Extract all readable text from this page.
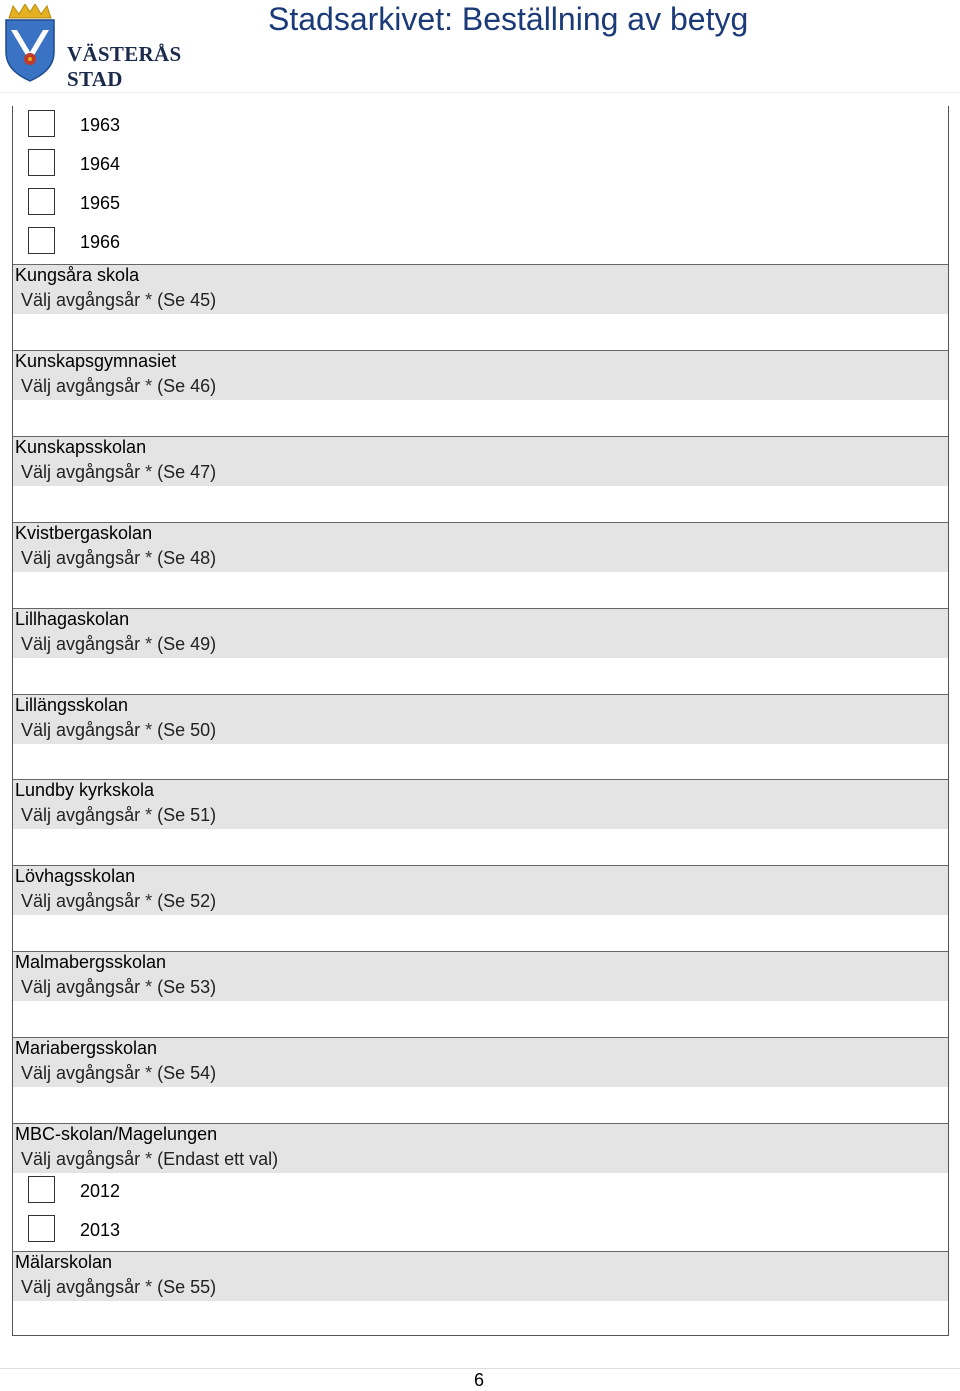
VÄSTERÅS STAD
Stadsarkivet: Beställning av betyg
1963
1964
1965
1966
Kungsåra skola
Välj avgångsår * (Se 45)
Kunskapsgymnasiet
Välj avgångsår * (Se 46)
Kunskapsskolan
Välj avgångsår * (Se 47)
Kvistbergaskolan
Välj avgångsår * (Se 48)
Lillhagaskolan
Välj avgångsår * (Se 49)
Lillängsskolan
Välj avgångsår * (Se 50)
Lundby kyrkskola
Välj avgångsår * (Se 51)
Lövhagsskolan
Välj avgångsår * (Se 52)
Malmabergsskolan
Välj avgångsår * (Se 53)
Mariabergsskolan
Välj avgångsår * (Se 54)
MBC-skolan/Magelungen
Välj avgångsår * (Endast ett val)
2012
2013
Mälarskolan
Välj avgångsår * (Se 55)
6
